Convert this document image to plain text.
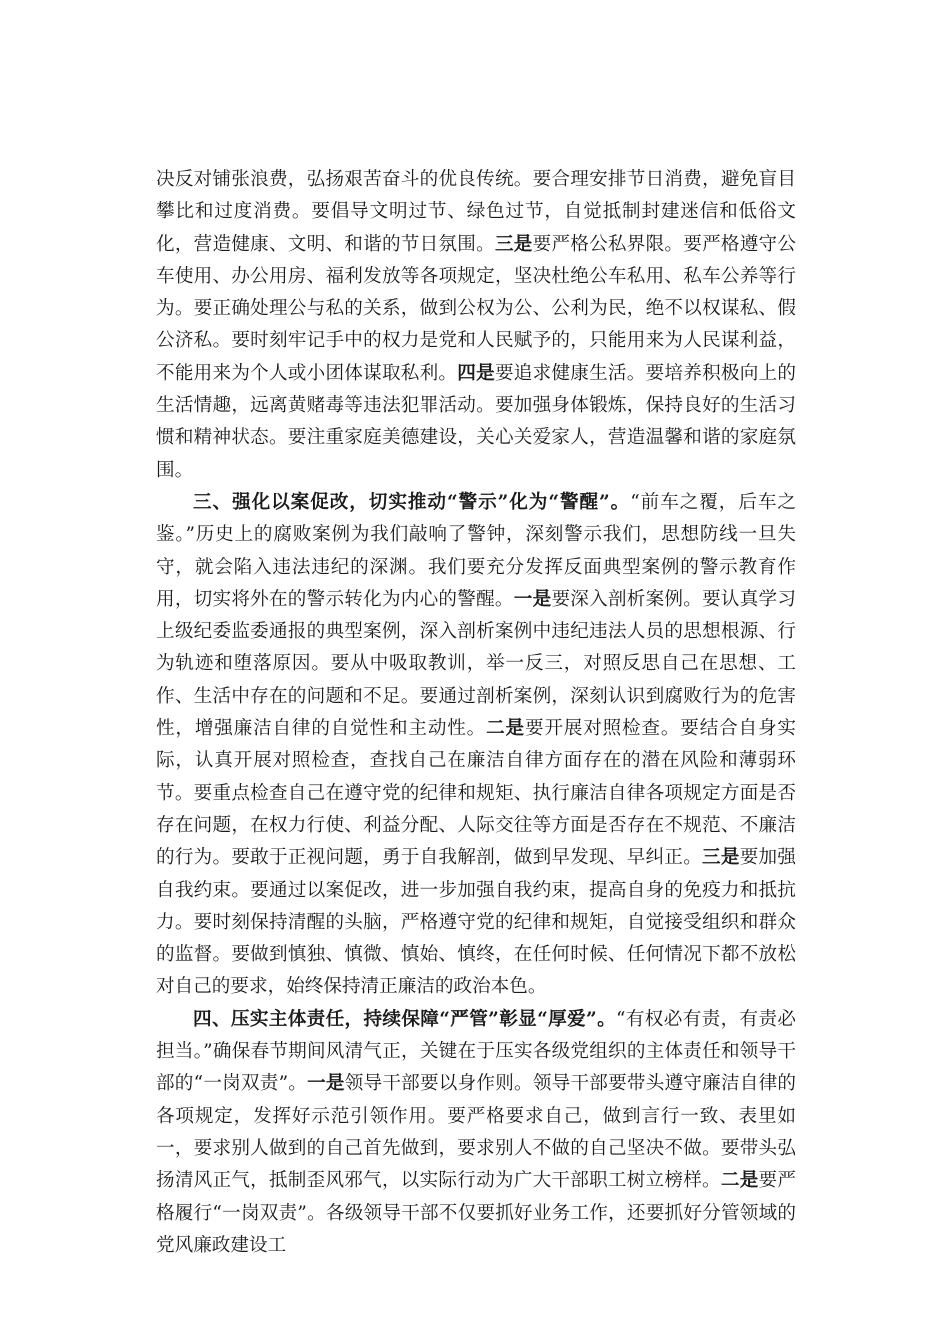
决反对铺张浪费，弘扬艰苦奋斗的优良传统。要合理安排节日消费，避免盲目攀比和过度消费。要倡导文明过节、绿色过节，自觉抵制封建迷信和低俗文化，营造健康、文明、和谐的节日氛围。三是要严格公私界限。要严格遵守公车使用、办公用房、福利发放等各项规定，坚决杜绝公车私用、私车公养等行为。要正确处理公与私的关系，做到公权为公、公利为民，绝不以权谋私、假公济私。要时刻牢记手中的权力是党和人民赋予的，只能用来为人民谋利益，不能用来为个人或小团体谋取私利。四是要追求健康生活。要培养积极向上的生活情趣，远离黄赌毒等违法犯罪活动。要加强身体锻炼，保持良好的生活习惯和精神状态。要注重家庭美德建设，关心关爱家人，营造温馨和谐的家庭氛围。

三、强化以案促改，切实推动“警示”化为“警醒”。“前车之覆，后车之鉴。”历史上的腐败案例为我们敲响了警钟，深刻警示我们，思想防线一旦失守，就会陷入违法违纪的深渊。我们要充分发挥反面典型案例的警示教育作用，切实将外在的警示转化为内心的警醒。一是要深入剖析案例。要认真学习上级纪委监委通报的典型案例，深入剖析案例中违纪违法人员的思想根源、行为轨迹和堕落原因。要从中吸取教训，举一反三，对照反思自己在思想、工作、生活中存在的问题和不足。要通过剖析案例，深刻认识到腐败行为的危害性，增强廉洁自律的自觉性和主动性。二是要开展对照检查。要结合自身实际，认真开展对照检查，查找自己在廉洁自律方面存在的潜在风险和薄弱环节。要重点检查自己在遵守党的纪律和规矩、执行廉洁自律各项规定方面是否存在问题，在权力行使、利益分配、人际交往等方面是否存在不规范、不廉洁的行为。要敢于正视问题，勇于自我解剖，做到早发现、早纠正。三是要加强自我约束。要通过以案促改，进一步加强自我约束，提高自身的免疫力和抵抗力。要时刻保持清醒的头脑，严格遵守党的纪律和规矩，自觉接受组织和群众的监督。要做到慎独、慎微、慎始、慎终，在任何时候、任何情况下都不放松对自己的要求，始终保持清正廉洁的政治本色。

四、压实主体责任，持续保障“严管”彰显“厚爱”。“有权必有责，有责必担当。”确保春节期间风清气正，关键在于压实各级党组织的主体责任和领导干部的“一岗双责”。一是领导干部要以身作则。领导干部要带头遵守廉洁自律的各项规定，发挥好示范引领作用。要严格要求自己，做到言行一致、表里如一，要求别人做到的自己首先做到，要求别人不做的自己坚决不做。要带头弘扬清风正气，抵制歪风邪气，以实际行动为广大干部职工树立榜样。二是要严格履行“一岗双责”。各级领导干部不仅要抓好业务工作，还要抓好分管领域的党风廉政建设工
